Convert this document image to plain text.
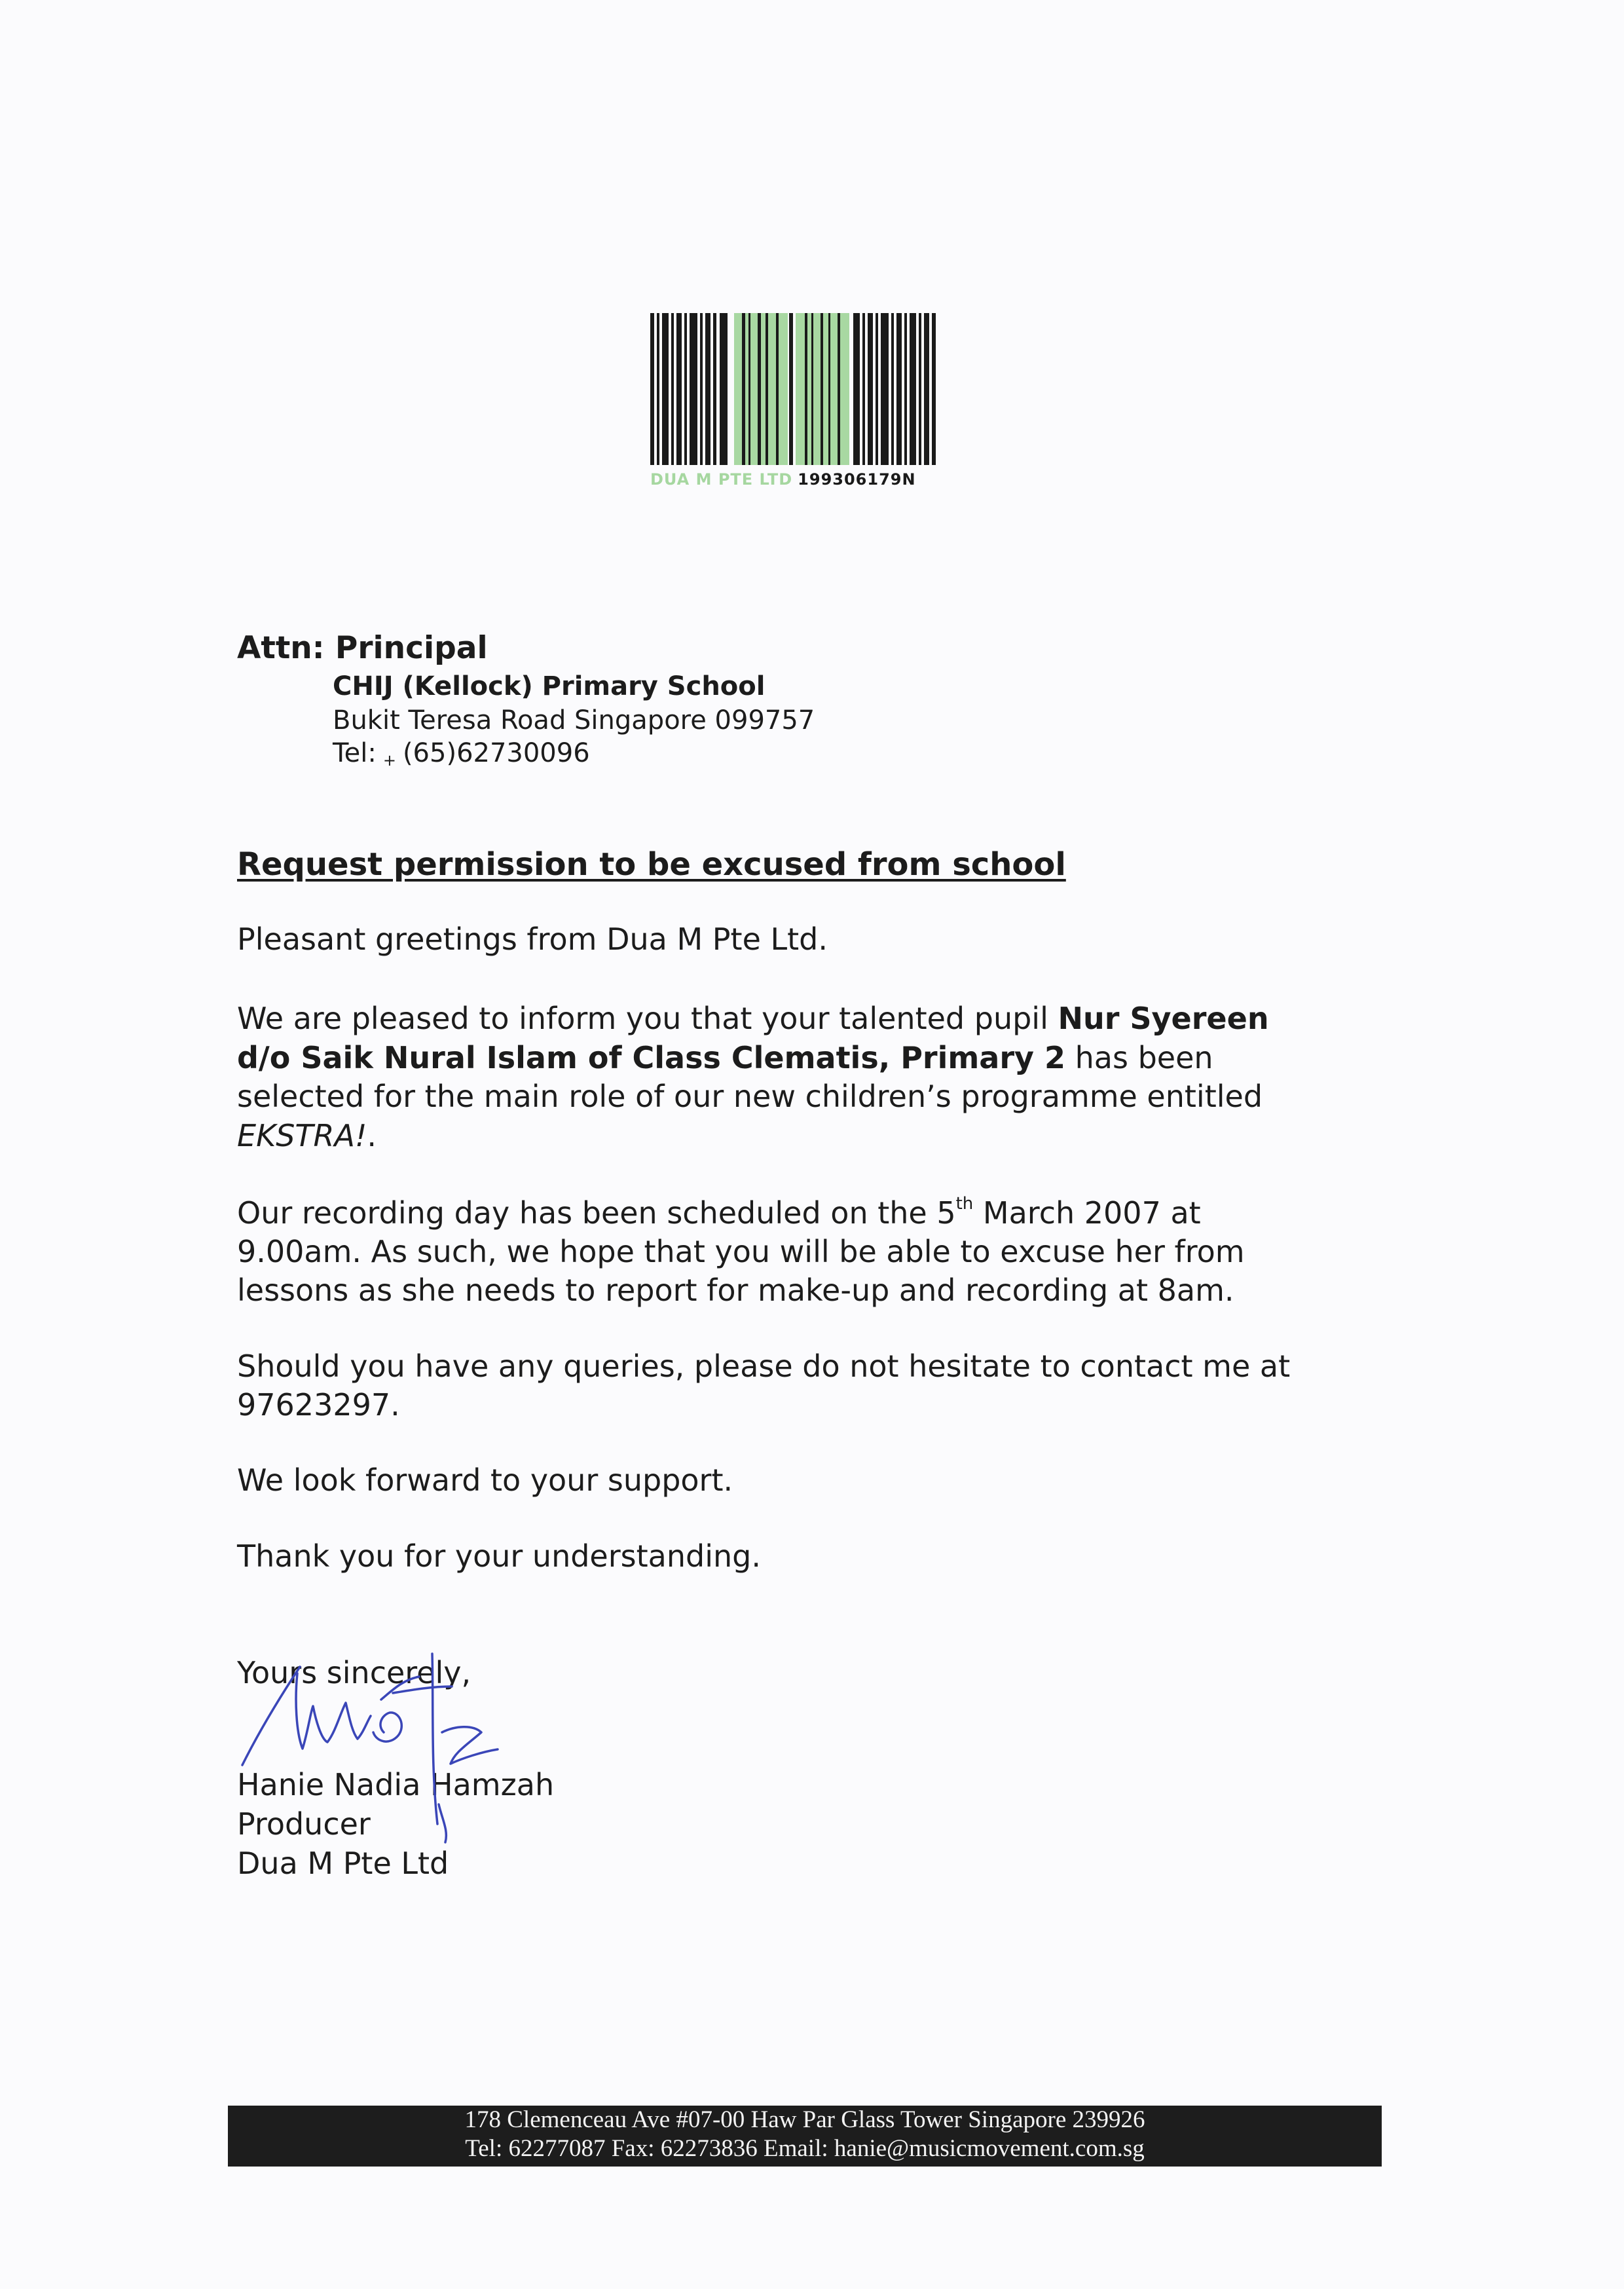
DUA M PTE LTD 199306179N
Attn: Principal
CHIJ (Kellock) Primary School
Bukit Teresa Road Singapore 099757
Tel: + (65)62730096
Request permission to be excused from school
Pleasant greetings from Dua M Pte Ltd.
We are pleased to inform you that your talented pupil Nur Syereen
d/o Saik Nural Islam of Class Clematis, Primary 2 has been
selected for the main role of our new children’s programme entitled
EKSTRA!.
Our recording day has been scheduled on the 5th March 2007 at
9.00am. As such, we hope that you will be able to excuse her from
lessons as she needs to report for make-up and recording at 8am.
Should you have any queries, please do not hesitate to contact me at
97623297.
We look forward to your support.
Thank you for your understanding.
Yours sincerely,
Hanie Nadia Hamzah
Producer
Dua M Pte Ltd
178 Clemenceau Ave #07-00 Haw Par Glass Tower Singapore 239926
Tel: 62277087 Fax: 62273836 Email: hanie@musicmovement.com.sg
